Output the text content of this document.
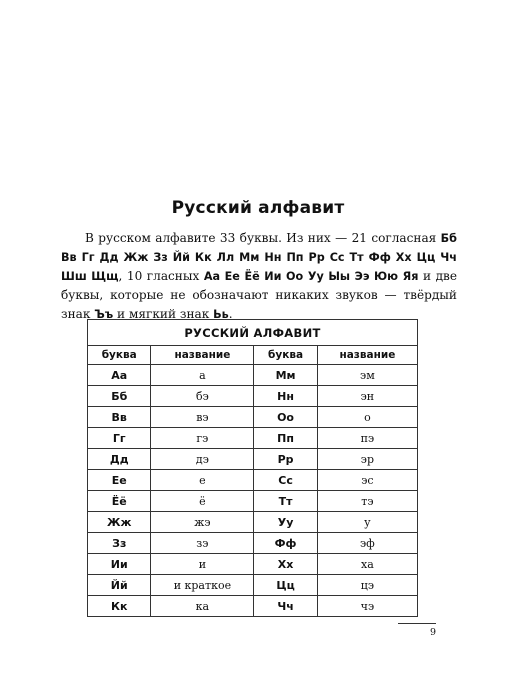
Русский алфавит

В русском алфавите 33 буквы. Из них — 21 согласная Бб Вв Гг Дд Жж Зз Йй Кк Лл Мм Нн Пп Рр Сс Тт Фф Хх Цц Чч Шш Щщ, 10 гласных Аа Ее Ёё Ии Оо Уу Ыы Ээ Юю Яя и две буквы, которые не обозначают никаких звуков — твёрдый знак Ъъ и мягкий знак Ьь.

РУССКИЙ АЛФАВИТ			
буква	название	буква	название
Аа	а	Мм	эм
Бб	бэ	Нн	эн
Вв	вэ	Оо	о
Гг	гэ	Пп	пэ
Дд	дэ	Рр	эр
Ее	е	Сс	эс
Ёё	ё	Тт	тэ
Жж	жэ	Уу	у
Зз	зэ	Фф	эф
Ии	и	Хх	ха
Йй	и краткое	Цц	цэ
Кк	ка	Чч	чэ
9
